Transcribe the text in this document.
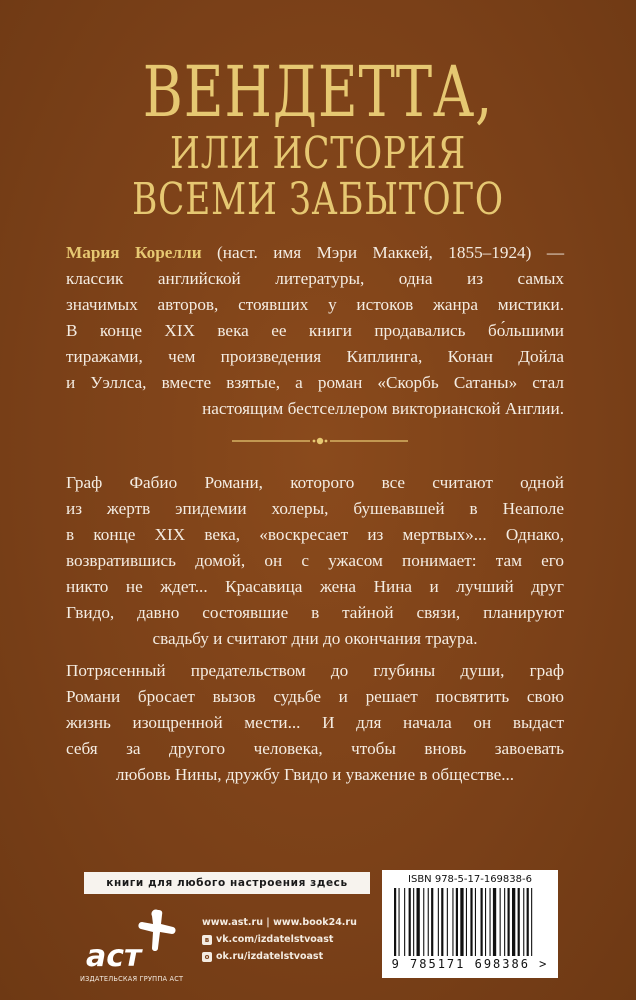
ВЕНДЕТТА,
ИЛИ ИСТОРИЯ
ВСЕМИ ЗАБЫТОГО
Мария Корелли (наст. имя Мэри Маккей, 1855–1924) —
классик английской литературы, одна из самых
значимых авторов, стоявших у истоков жанра мистики.
В конце XIX века ее книги продавались бо́льшими
тиражами, чем произведения Киплинга, Конан Дойла
и Уэллса, вместе взятые, а роман «Скорбь Сатаны» стал
настоящим бестселлером викторианской Англии.
Граф Фабио Романи, которого все считают одной
из жертв эпидемии холеры, бушевавшей в Неаполе
в конце XIX века, «воскресает из мертвых»... Однако,
возвратившись домой, он с ужасом понимает: там его
никто не ждет... Красавица жена Нина и лучший друг
Гвидо, давно состоявшие в тайной связи, планируют
свадьбу и считают дни до окончания траура.
Потрясенный предательством до глубины души, граф
Романи бросает вызов судьбе и решает посвятить свою
жизнь изощренной мести... И для начала он выдаст
себя за другого человека, чтобы вновь завоевать
любовь Нины, дружбу Гвидо и уважение в обществе...
книги для любого настроения здесь
аст
ИЗДАТЕЛЬСКАЯ ГРУППА АСТ
www.ast.ru | www.book24.ru
в vk.com/izdatelstvoast
о ok.ru/izdatelstvoast
ISBN 978-5-17-169838-6
9 785171 698386 >
